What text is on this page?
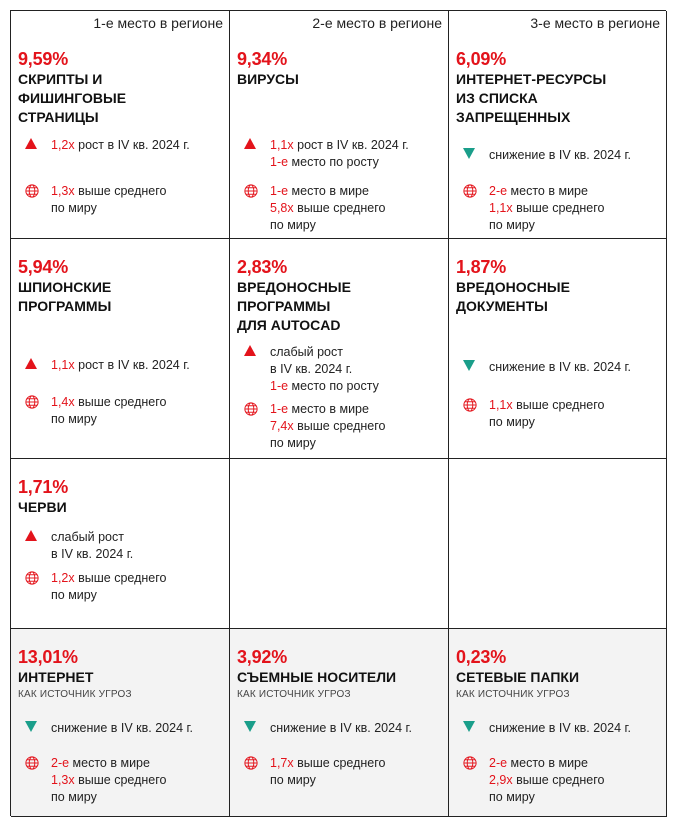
1-е место в регионе
9,59%
СКРИПТЫ И
ФИШИНГОВЫЕ
СТРАНИЦЫ
1,2x рост в IV кв. 2024 г.
1,3x выше среднего
по миру
2-е место в регионе
9,34%
ВИРУСЫ
1,1x рост в IV кв. 2024 г.
1-е место по росту
1-е место в мире
5,8x выше среднего
по миру
3-е место в регионе
6,09%
ИНТЕРНЕТ-РЕСУРСЫ
ИЗ СПИСКА
ЗАПРЕЩЕННЫХ
снижение в IV кв. 2024 г.
2-е место в мире
1,1x выше среднего
по миру
5,94%
ШПИОНСКИЕ
ПРОГРАММЫ
1,1x рост в IV кв. 2024 г.
1,4x выше среднего
по миру
2,83%
ВРЕДОНОСНЫЕ
ПРОГРАММЫ
ДЛЯ AUTOCAD
слабый рост
в IV кв. 2024 г.
1-е место по росту
1-е место в мире
7,4x выше среднего
по миру
1,87%
ВРЕДОНОСНЫЕ
ДОКУМЕНТЫ
снижение в IV кв. 2024 г.
1,1x выше среднего
по миру
1,71%
ЧЕРВИ
слабый рост
в IV кв. 2024 г.
1,2x выше среднего
по миру
13,01%
ИНТЕРНЕТ
КАК ИСТОЧНИК УГРОЗ
снижение в IV кв. 2024 г.
2-е место в мире
1,3x выше среднего
по миру
3,92%
СЪЕМНЫЕ НОСИТЕЛИ
КАК ИСТОЧНИК УГРОЗ
снижение в IV кв. 2024 г.
1,7x выше среднего
по миру
0,23%
СЕТЕВЫЕ ПАПКИ
КАК ИСТОЧНИК УГРОЗ
снижение в IV кв. 2024 г.
2-е место в мире
2,9x выше среднего
по миру
